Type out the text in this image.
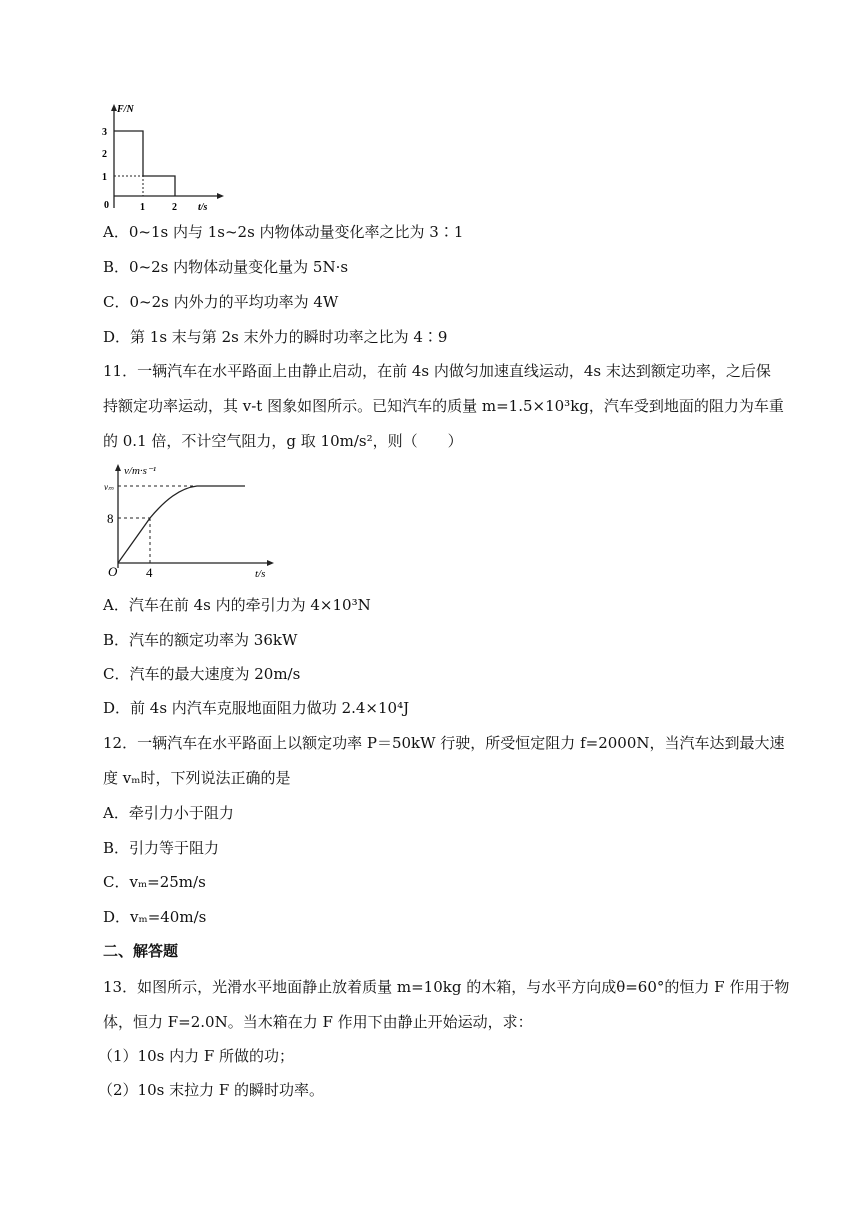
F/N
3
2
1
0	1	2 t/s
A．0~1s 内与 1s~2s 内物体动量变化率之比为 3∶1
B．0~2s 内物体动量变化量为 5N·s
C．0~2s 内外力的平均功率为 4W
D．第 1s 末与第 2s 末外力的瞬时功率之比为 4∶9
11．一辆汽车在水平路面上由静止启动，在前 4s 内做匀加速直线运动，4s 末达到额定功率，之后保
持额定功率运动，其 v-t 图象如图所示。已知汽车的质量 m=1.5×10³kg，汽车受到地面的阻力为车重
的 0.1 倍，不计空气阻力，g 取 10m/s²，则（　　）
v/m·s⁻¹
vₘ
8
O 4	t/s
A．汽车在前 4s 内的牵引力为 4×10³N
B．汽车的额定功率为 36kW
C．汽车的最大速度为 20m/s
D．前 4s 内汽车克服地面阻力做功 2.4×10⁴J
12．一辆汽车在水平路面上以额定功率 P＝50kW 行驶，所受恒定阻力 f=2000N，当汽车达到最大速
度 vₘ时，下列说法正确的是
A．牵引力小于阻力
B．引力等于阻力
C．vₘ=25m/s
D．vₘ=40m/s
二、解答题
13．如图所示，光滑水平地面静止放着质量 m=10kg 的木箱，与水平方向成θ=60°的恒力 F 作用于物
体，恒力 F=2.0N。当木箱在力 F 作用下由静止开始运动，求：
（1）10s 内力 F 所做的功；
（2）10s 末拉力 F 的瞬时功率。
